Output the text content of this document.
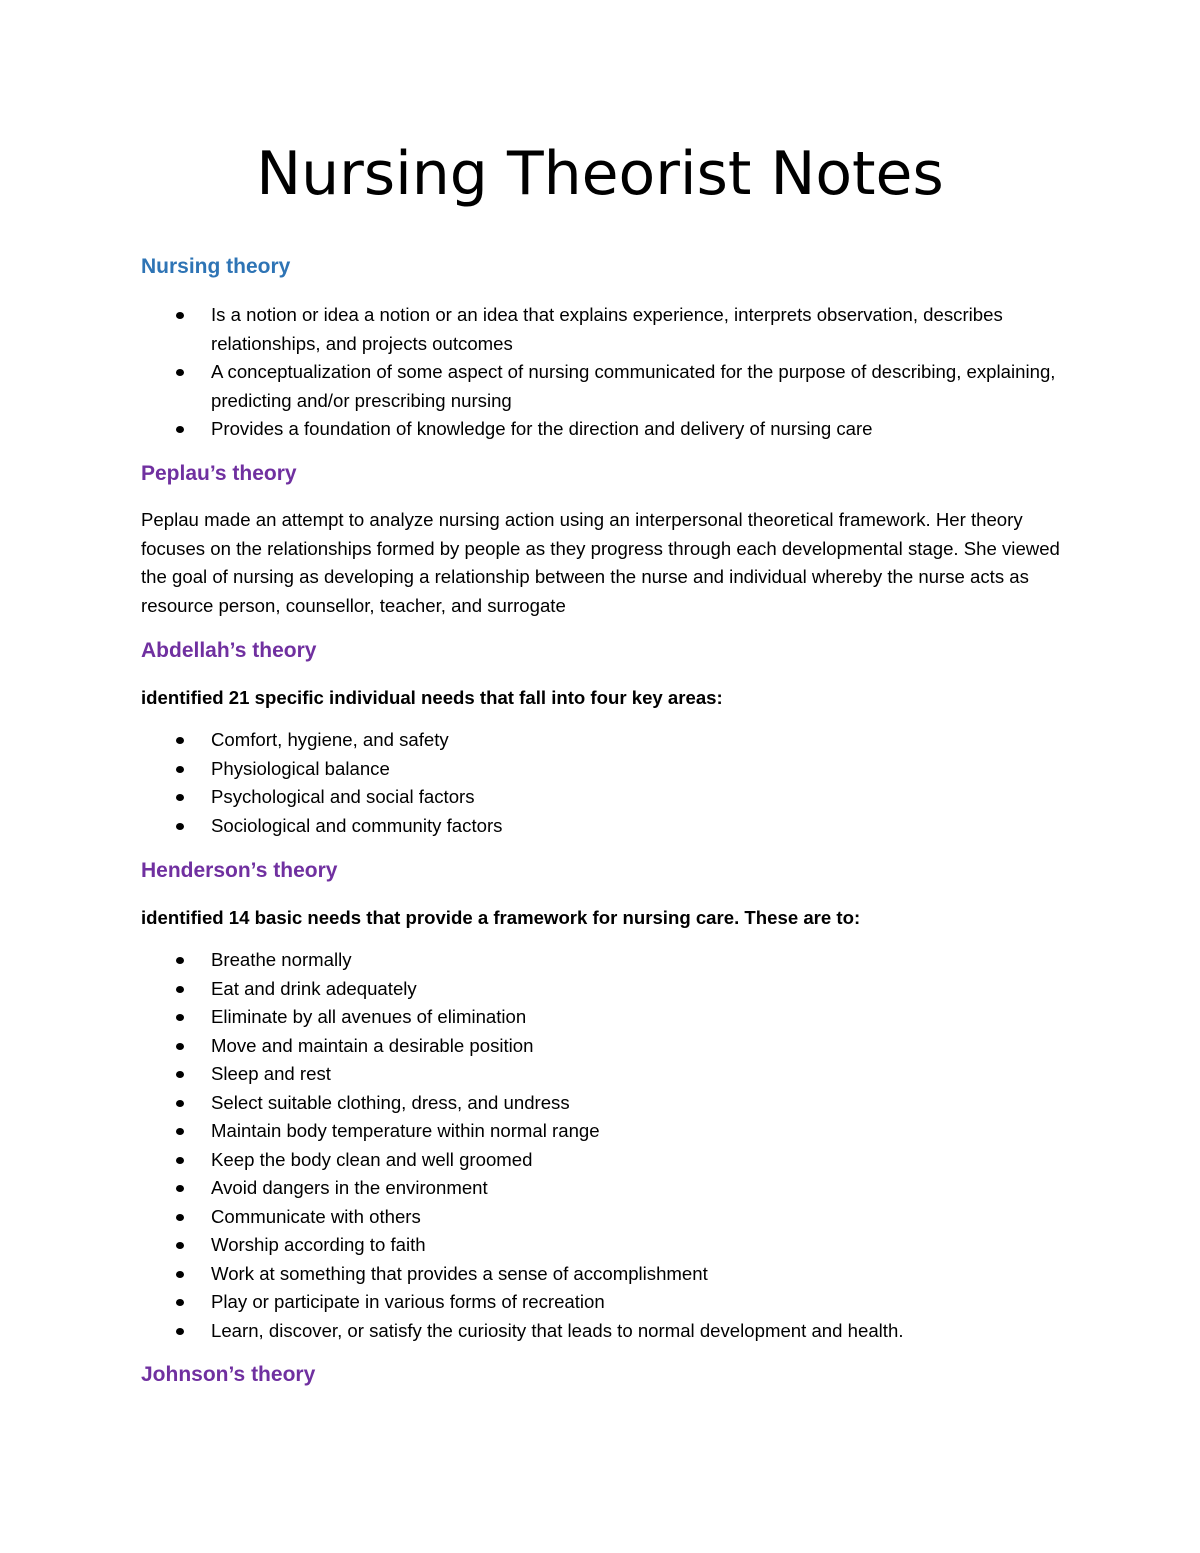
Nursing Theorist Notes
Nursing theory
Is a notion or idea a notion or an idea that explains experience, interprets observation, describes relationships, and projects outcomes
A conceptualization of some aspect of nursing communicated for the purpose of describing, explaining, predicting and/or prescribing nursing
Provides a foundation of knowledge for the direction and delivery of nursing care
Peplau’s theory

Peplau made an attempt to analyze nursing action using an interpersonal theoretical framework. Her theory focuses on the relationships formed by people as they progress through each developmental stage. She viewed the goal of nursing as developing a relationship between the nurse and individual whereby the nurse acts as resource person, counsellor, teacher, and surrogate

Abdellah’s theory

identified 21 specific individual needs that fall into four key areas:

Comfort, hygiene, and safety
Physiological balance
Psychological and social factors
Sociological and community factors
Henderson’s theory

identified 14 basic needs that provide a framework for nursing care. These are to:

Breathe normally
Eat and drink adequately
Eliminate by all avenues of elimination
Move and maintain a desirable position
Sleep and rest
Select suitable clothing, dress, and undress
Maintain body temperature within normal range
Keep the body clean and well groomed
Avoid dangers in the environment
Communicate with others
Worship according to faith
Work at something that provides a sense of accomplishment
Play or participate in various forms of recreation
Learn, discover, or satisfy the curiosity that leads to normal development and health.
Johnson’s theory
